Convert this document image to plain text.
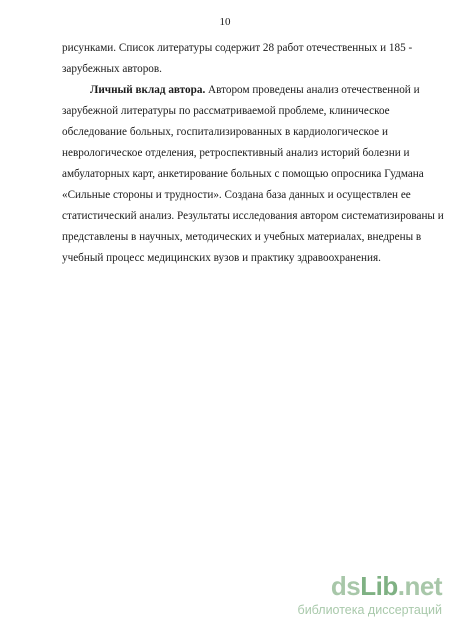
10
рисунками. Список литературы содержит 28 работ отечественных и 185 -
зарубежных авторов.
Личный вклад автора. Автором проведены анализ отечественной и
зарубежной литературы по рассматриваемой проблеме, клиническое
обследование больных, госпитализированных в кардиологическое и
неврологическое отделения, ретроспективный анализ историй болезни и
амбулаторных карт, анкетирование больных с помощью опросника Гудмана
«Сильные стороны и трудности». Создана база данных и осуществлен ее
статистический анализ. Результаты исследования автором систематизированы и
представлены в научных, методических и учебных материалах, внедрены в
учебный процесс медицинских вузов и практику здравоохранения.
dsLib.net
библиотека диссертаций
